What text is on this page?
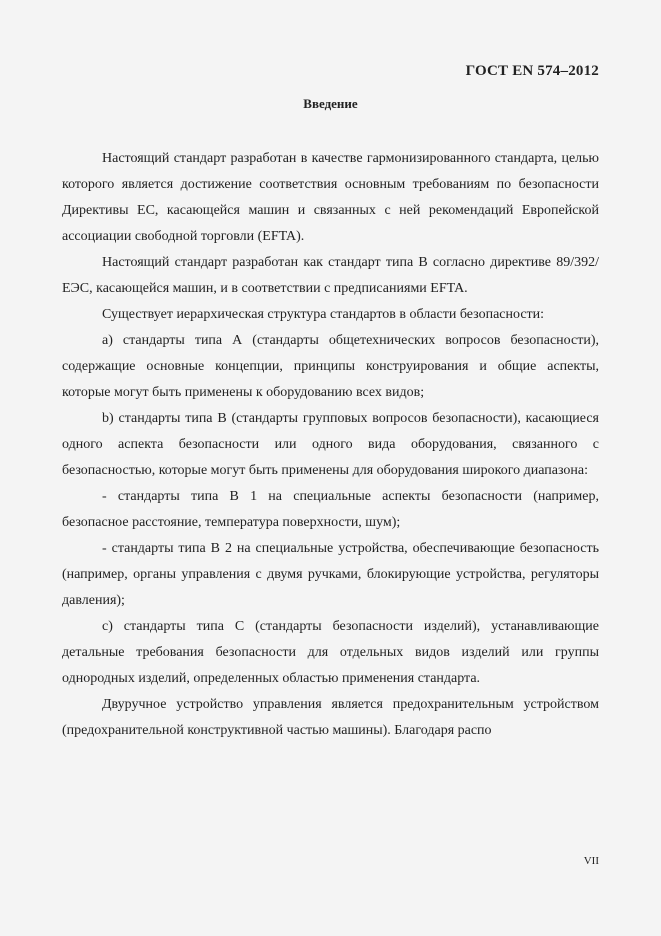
ГОСТ EN 574–2012
Введение

Настоящий стандарт разработан в качестве гармонизированного стандарта, целью которого является достижение соответствия основным требованиям по безопасности Директивы ЕС, касающейся машин и связанных с ней рекомендаций Европейской ассоциации свободной торговли (EFTA).

Настоящий стандарт разработан как стандарт типа В согласно директиве 89/392/ЕЭС, касающейся машин, и в соответствии с предписаниями EFTA.

Существует иерархическая структура стандартов в области безопасности:

a) стандарты типа А (стандарты общетехнических вопросов безопасности), содержащие основные концепции, принципы конструирования и общие аспекты, которые могут быть применены к оборудованию всех видов;

b) стандарты типа В (стандарты групповых вопросов безопасности), касающиеся одного аспекта безопасности или одного вида оборудования, связанного с безопасностью, которые могут быть применены для оборудования широкого диапазона:

- стандарты типа В 1 на специальные аспекты безопасности (например, безопасное расстояние, температура поверхности, шум);

- стандарты типа В 2 на специальные устройства, обеспечивающие безопасность (например, органы управления с двумя ручками, блокирующие устройства, регуляторы давления);

c) стандарты типа С (стандарты безопасности изделий), устанавливающие детальные требования безопасности для отдельных видов изделий или группы однородных изделий, определенных областью применения стандарта.

Двуручное устройство управления является предохранительным устройством (предохранительной конструктивной частью машины). Благодаря распо

VII
